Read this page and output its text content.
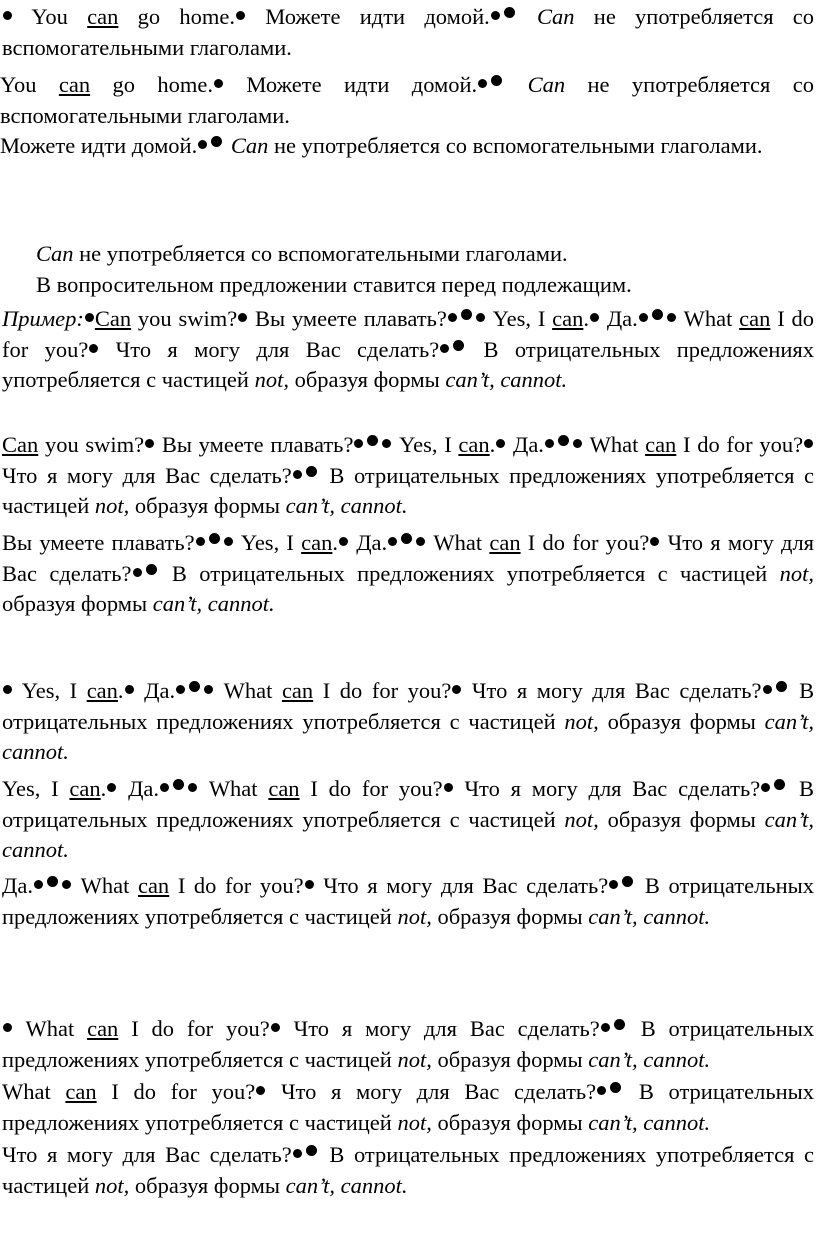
You can go home. Можете идти домой. Can не употребляется со вспомогательными глаголами.

You can go home. Можете идти домой. Can не употребляется со вспомогательными глаголами.

Можете идти домой. Can не употребляется со вспомогательными глаголами.

Can не употребляется со вспомогательными глаголами.

В вопросительном предложении ставится перед подлежащим.

Пример: Can you swim? Вы умеете плавать? Yes, I can. Да. What can I do for you? Что я могу для Вас сделать? В отрицательных предложениях употребляется с частицей not, образуя формы can’t, cannot.

Can you swim? Вы умеете плавать? Yes, I can. Да. What can I do for you? Что я могу для Вас сделать? В отрицательных предложениях употребляется с частицей not, образуя формы can’t, cannot.

Вы умеете плавать? Yes, I can. Да. What can I do for you? Что я могу для Вас сделать? В отрицательных предложениях употребляется с частицей not, образуя формы can’t, cannot.

Yes, I can. Да. What can I do for you? Что я могу для Вас сделать? В отрицательных предложениях употребляется с частицей not, образуя формы can’t, cannot.

Yes, I can. Да. What can I do for you? Что я могу для Вас сделать? В отрицательных предложениях употребляется с частицей not, образуя формы can’t, cannot.

Да. What can I do for you? Что я могу для Вас сделать? В отрицательных предложениях употребляется с частицей not, образуя формы can’t, cannot.

What can I do for you? Что я могу для Вас сделать? В отрицательных предложениях употребляется с частицей not, образуя формы can’t, cannot.

What can I do for you? Что я могу для Вас сделать? В отрицательных предложениях употребляется с частицей not, образуя формы can’t, cannot.

Что я могу для Вас сделать? В отрицательных предложениях употребляется с частицей not, образуя формы can’t, cannot.
